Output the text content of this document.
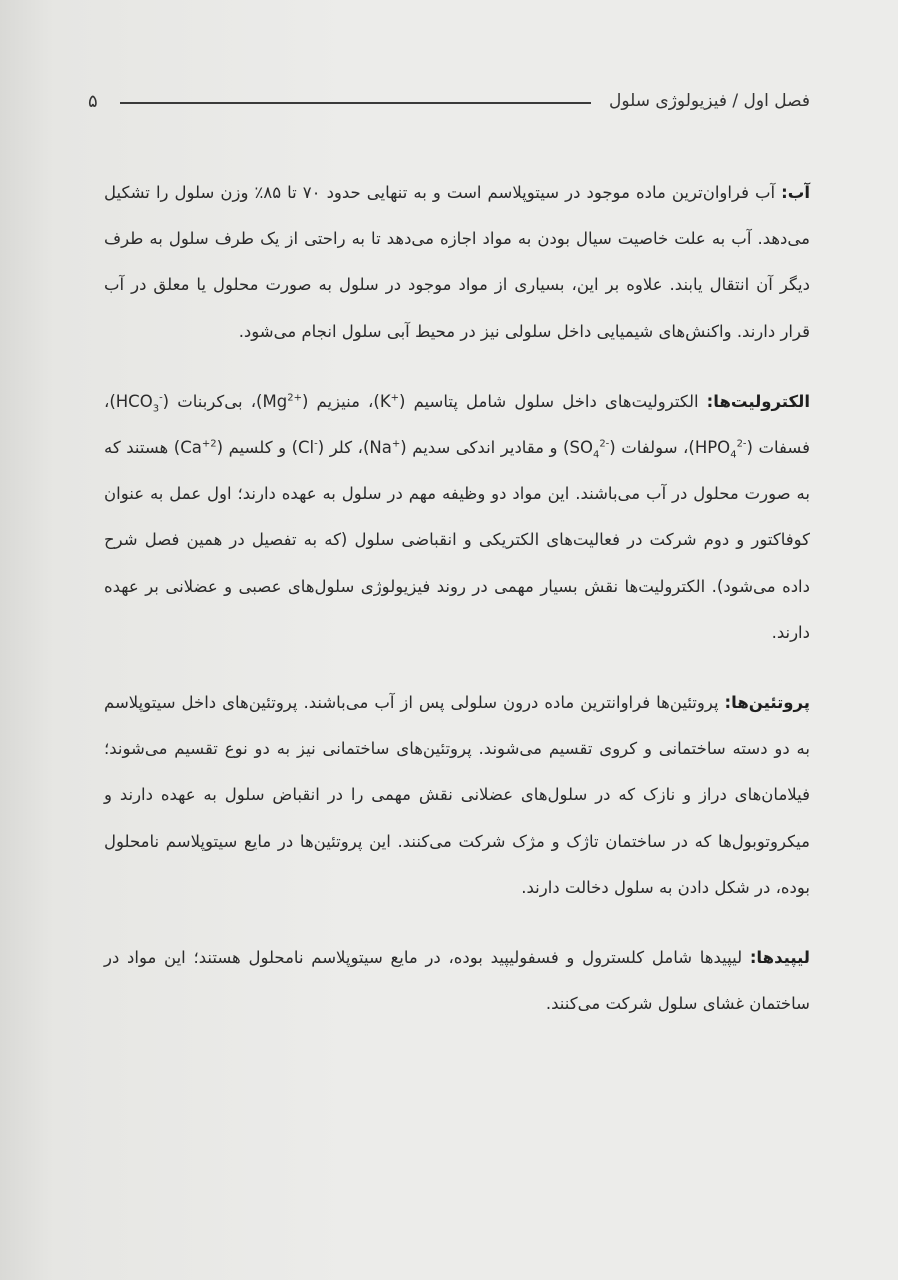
فصل اول / فیزیولوژی سلول
۵

آب: آب فراوان‌ترین ماده موجود در سیتوپلاسم است و به تنهایی حدود ۷۰ تا ۸۵٪ وزن سلول را تشکیل می‌دهد. آب به علت خاصیت سیال بودن به مواد اجازه می‌دهد تا به راحتی از یک طرف سلول به طرف دیگر آن انتقال یابند. علاوه بر این، بسیاری از مواد موجود در سلول به صورت محلول یا معلق در آب قرار دارند. واکنش‌های شیمیایی داخل سلولی نیز در محیط آبی سلول انجام می‌شود.

الکترولیت‌ها: الکترولیت‌های داخل سلول شامل پتاسیم (K+)، منیزیم $(Mg^{2+})،$ بی‌کربنات $(HCO_3^-)،$ فسفات $(HPO_4^{2-})،$ سولفات $(SO_4^{2-})$ و مقادیر اندکی سدیم (Na+)، کلر (Cl-) و کلسیم $(Ca^{+2})$ هستند که به صورت محلول در آب می‌باشند. این مواد دو وظیفه مهم در سلول به عهده دارند؛ اول عمل به عنوان کوفاکتور و دوم شرکت در فعالیت‌های الکتریکی و انقباضی سلول (که به تفصیل در همین فصل شرح داده می‌شود). الکترولیت‌ها نقش بسیار مهمی در روند فیزیولوژی سلول‌های عصبی و عضلانی بر عهده دارند.

پروتئین‌ها: پروتئین‌ها فراوانترین ماده درون سلولی پس از آب می‌باشند. پروتئین‌های داخل سیتوپلاسم به دو دسته ساختمانی و کروی تقسیم می‌شوند. پروتئین‌های ساختمانی نیز به دو نوع تقسیم می‌شوند؛ فیلامان‌های دراز و نازک که در سلول‌های عضلانی نقش مهمی را در انقباض سلول به عهده دارند و میکروتوبول‌ها که در ساختمان تاژک و مژک شرکت می‌کنند. این پروتئین‌ها در مایع سیتوپلاسم نامحلول بوده، در شکل دادن به سلول دخالت دارند.

لیپیدها: لیپیدها شامل کلسترول و فسفولیپید بوده، در مایع سیتوپلاسم نامحلول هستند؛ این مواد در ساختمان غشای سلول شرکت می‌کنند.
